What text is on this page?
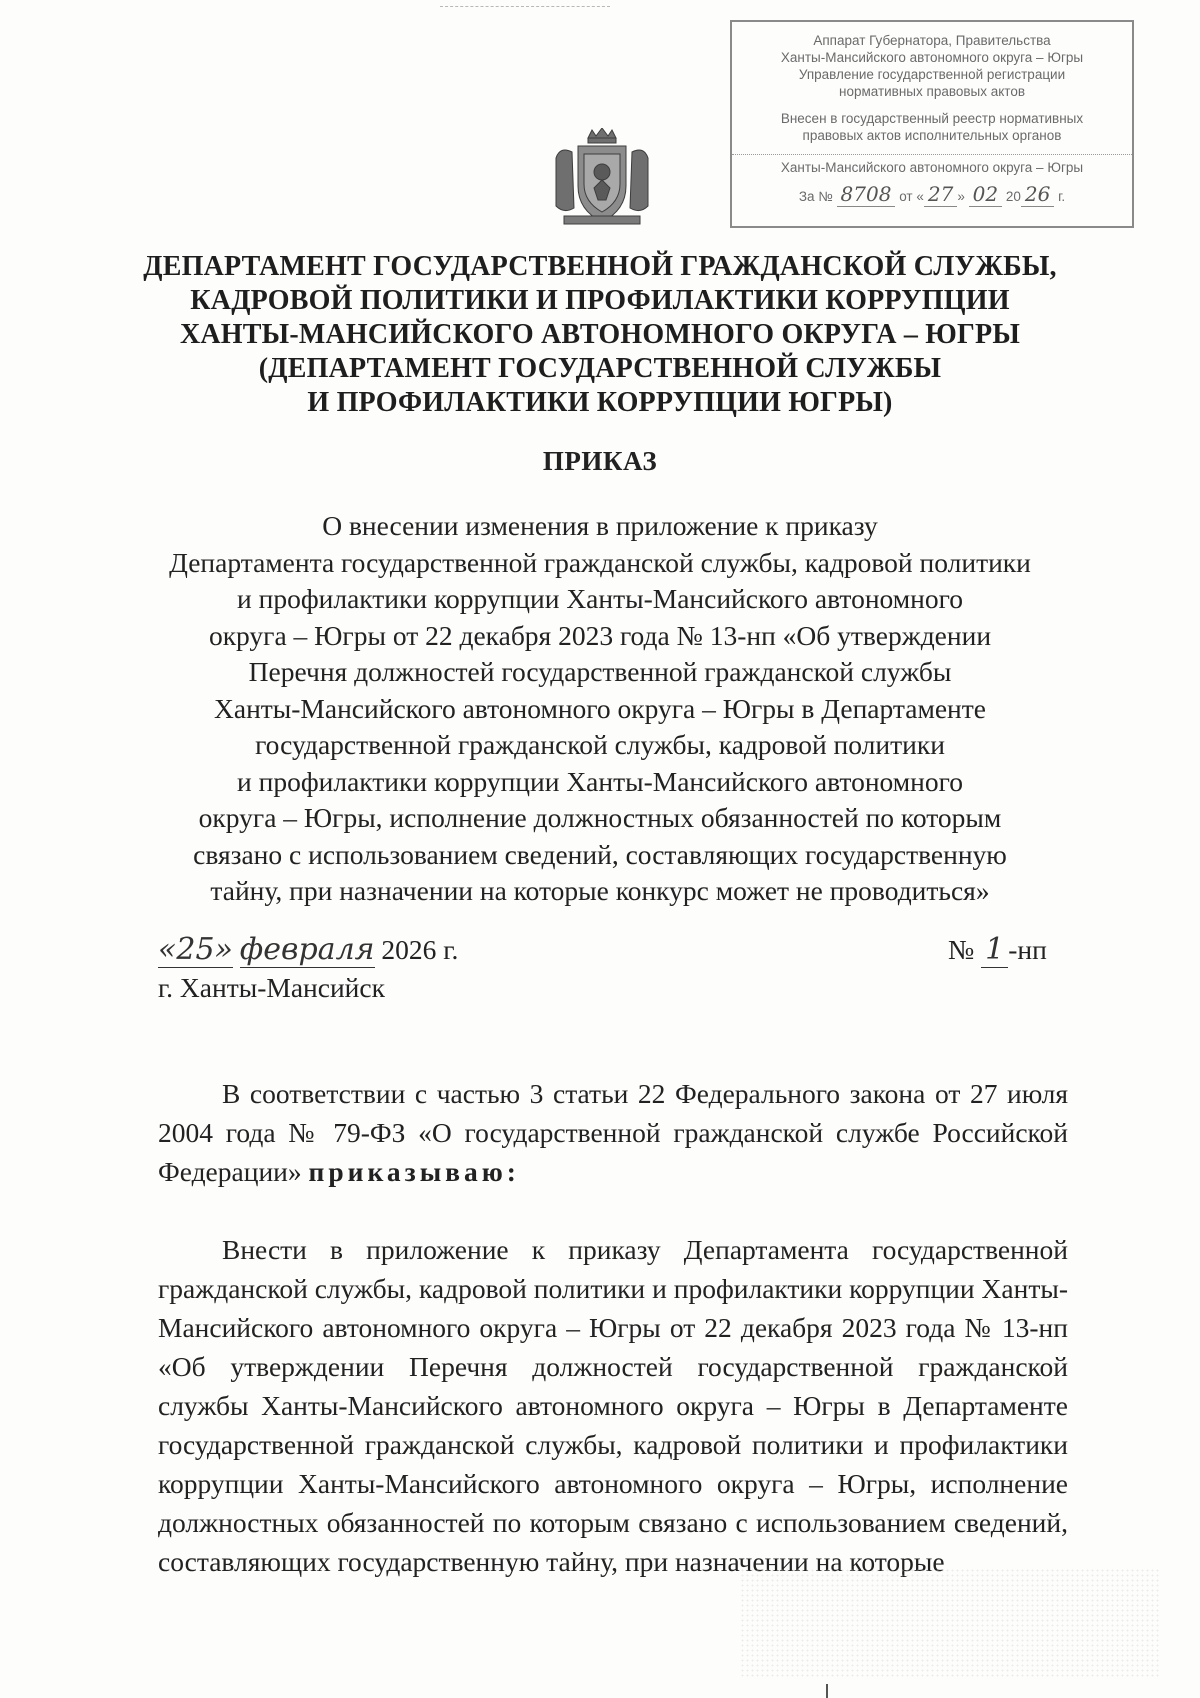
Аппарат Губернатора, Правительства
Ханты-Мансийского автономного округа – Югры
Управление государственной регистрации
нормативных правовых актов
Внесен в государственный реестр нормативных
правовых актов исполнительных органов
Ханты-Мансийского автономного округа – Югры
За № 8708 от « 27 » 02 20 26 г.
ДЕПАРТАМЕНТ ГОСУДАРСТВЕННОЙ ГРАЖДАНСКОЙ СЛУЖБЫ,
КАДРОВОЙ ПОЛИТИКИ И ПРОФИЛАКТИКИ КОРРУПЦИИ
ХАНТЫ-МАНСИЙСКОГО АВТОНОМНОГО ОКРУГА – ЮГРЫ
(ДЕПАРТАМЕНТ ГОСУДАРСТВЕННОЙ СЛУЖБЫ
И ПРОФИЛАКТИКИ КОРРУПЦИИ ЮГРЫ)
ПРИКАЗ
О внесении изменения в приложение к приказу
Департамента государственной гражданской службы, кадровой политики
и профилактики коррупции Ханты-Мансийского автономного
округа – Югры от 22 декабря 2023 года № 13-нп «Об утверждении
Перечня должностей государственной гражданской службы
Ханты-Мансийского автономного округа – Югры в Департаменте
государственной гражданской службы, кадровой политики
и профилактики коррупции Ханты-Мансийского автономного
округа – Югры, исполнение должностных обязанностей по которым
связано с использованием сведений, составляющих государственную
тайну, при назначении на которые конкурс может не проводиться»
«25» февраля 2026 г.	№ 1 -нп
г. Ханты-Мансийск
В соответствии с частью 3 статьи 22 Федерального закона от 27 июля 2004 года № 79-ФЗ «О государственной гражданской службе Российской Федерации» приказываю:
Внести в приложение к приказу Департамента государственной гражданской службы, кадровой политики и профилактики коррупции Ханты-Мансийского автономного округа – Югры от 22 декабря 2023 года № 13-нп «Об утверждении Перечня должностей государственной гражданской службы Ханты-Мансийского автономного округа – Югры в Департаменте государственной гражданской службы, кадровой политики и профилактики коррупции Ханты-Мансийского автономного округа – Югры, исполнение должностных обязанностей по которым связано с использованием сведений, составляющих государственную тайну, при назначении на которые
